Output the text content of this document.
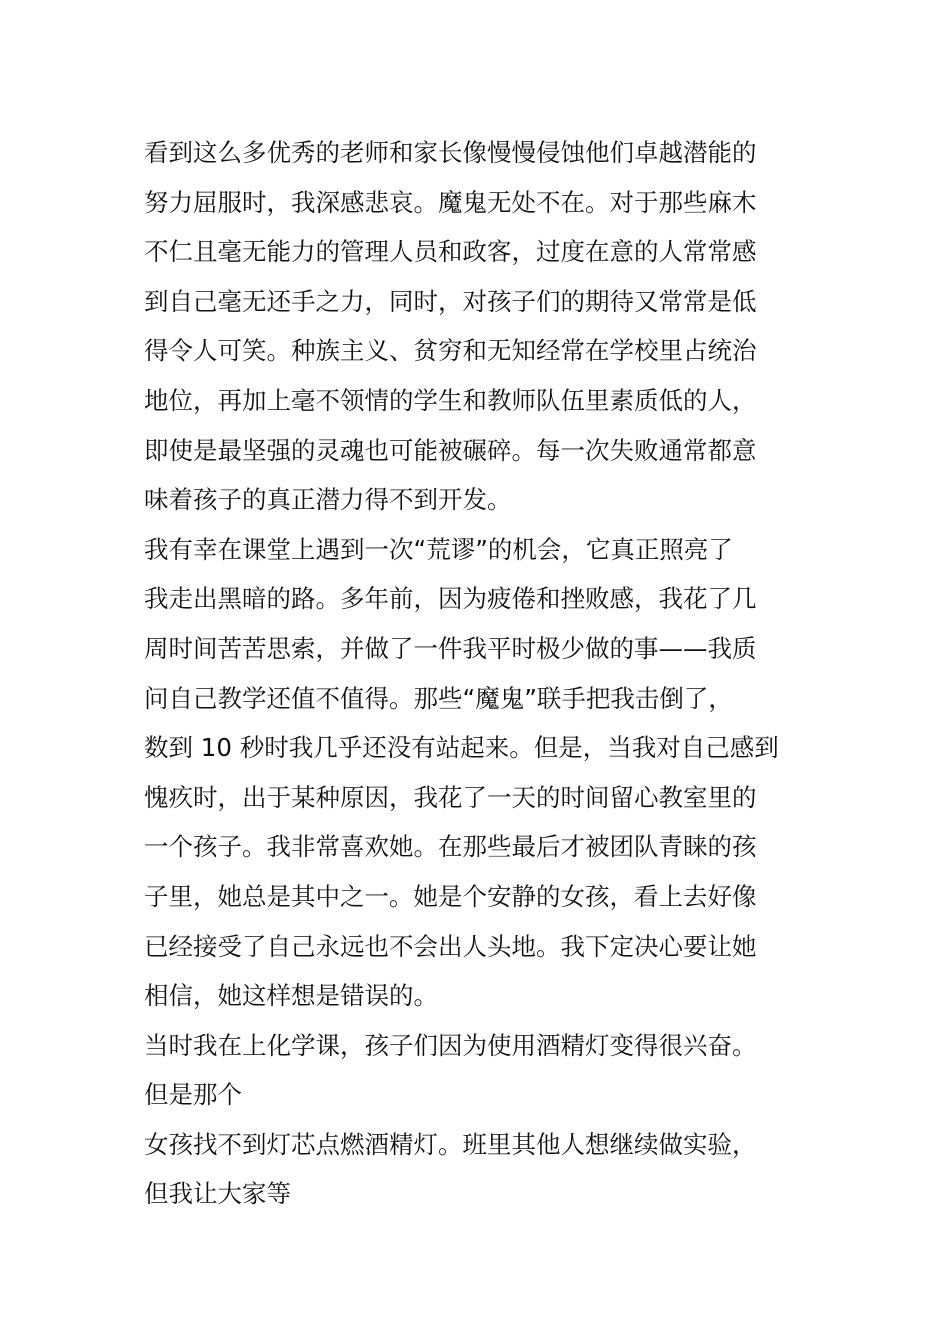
看到这么多优秀的老师和家长像慢慢侵蚀他们卓越潜能的
努力屈服时，我深感悲哀。魔鬼无处不在。对于那些麻木
不仁且毫无能力的管理人员和政客，过度在意的人常常感
到自己毫无还手之力，同时，对孩子们的期待又常常是低
得令人可笑。种族主义、贫穷和无知经常在学校里占统治
地位，再加上毫不领情的学生和教师队伍里素质低的人，
即使是最坚强的灵魂也可能被碾碎。每一次失败通常都意
味着孩子的真正潜力得不到开发。
我有幸在课堂上遇到一次“荒谬”的机会，它真正照亮了
我走出黑暗的路。多年前，因为疲倦和挫败感，我花了几
周时间苦苦思索，并做了一件我平时极少做的事——我质
问自己教学还值不值得。那些“魔鬼”联手把我击倒了，
数到 10 秒时我几乎还没有站起来。但是，当我对自己感到
愧疚时，出于某种原因，我花了一天的时间留心教室里的
一个孩子。我非常喜欢她。在那些最后才被团队青睐的孩
子里，她总是其中之一。她是个安静的女孩，看上去好像
已经接受了自己永远也不会出人头地。我下定决心要让她
相信，她这样想是错误的。
当时我在上化学课，孩子们因为使用酒精灯变得很兴奋。
但是那个
女孩找不到灯芯点燃酒精灯。班里其他人想继续做实验，
但我让大家等
